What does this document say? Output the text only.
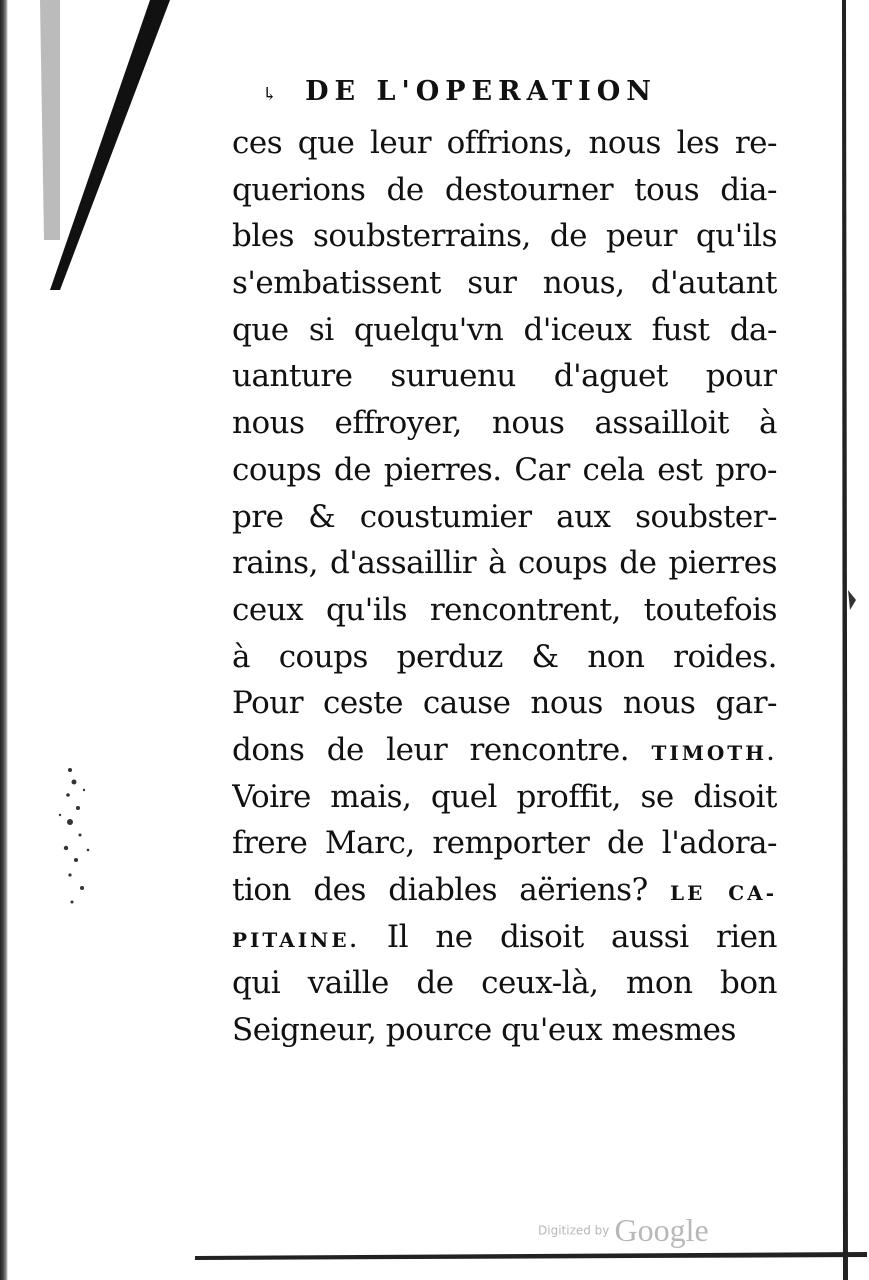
↳ DE L'OPERATION
ces que leur offrions, nous les re-
querions de destourner tous dia-
bles soubsterrains, de peur qu'ils
s'embatissent sur nous, d'autant
que si quelqu'vn d'iceux fust da-
uanture suruenu d'aguet pour
nous effroyer, nous assailloit à
coups de pierres. Car cela est pro-
pre & coustumier aux soubster-
rains, d'assaillir à coups de pierres
ceux qu'ils rencontrent, toutefois
à coups perduz & non roides.
Pour ceste cause nous nous gar-
dons de leur rencontre. TIMOTH.
Voire mais, quel proffit, se disoit
frere Marc, remporter de l'adora-
tion des diables aëriens? LE CA-
PITAINE. Il ne disoit aussi rien
qui vaille de ceux-là, mon bon
Seigneur, pource qu'eux mesmes
Digitized by Google
